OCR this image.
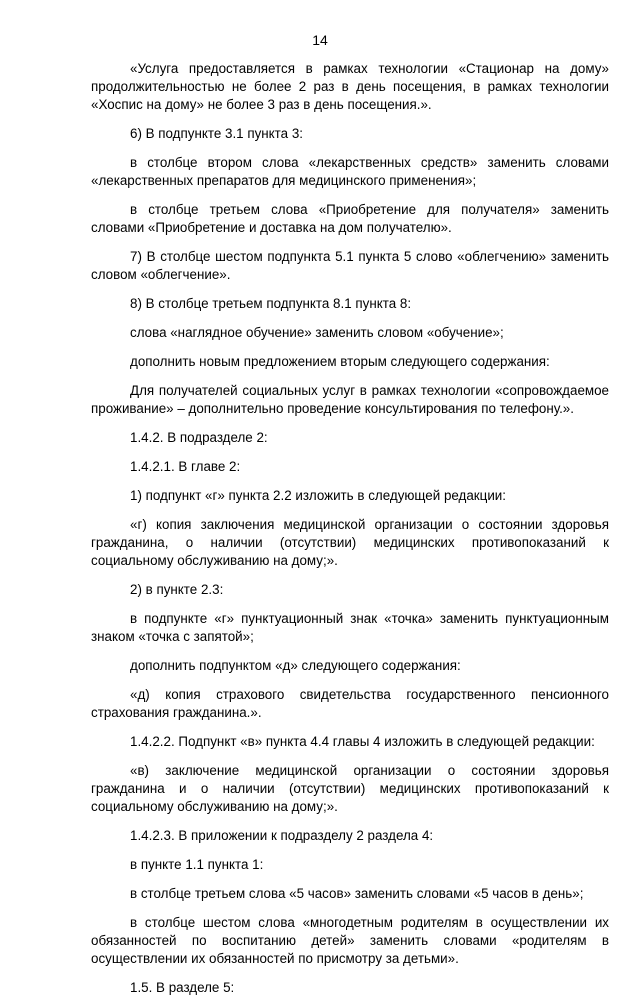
14

«Услуга предоставляется в рамках технологии «Стационар на дому» продолжительностью не более 2 раз в день посещения, в рамках технологии «Хоспис на дому» не более 3 раз в день посещения.».

6) В подпункте 3.1 пункта 3:

в столбце втором слова «лекарственных средств» заменить словами «лекарственных препаратов для медицинского применения»;

в столбце третьем слова «Приобретение для получателя» заменить словами «Приобретение и доставка на дом получателю».

7) В столбце шестом подпункта 5.1 пункта 5 слово «облегчению» заменить словом «облегчение».

8) В столбце третьем подпункта 8.1 пункта 8:

слова «наглядное обучение» заменить словом «обучение»;

дополнить новым предложением вторым следующего содержания:

Для получателей социальных услуг в рамках технологии «сопровождаемое проживание» – дополнительно проведение консультирования по телефону.».

1.4.2. В подразделе 2:

1.4.2.1. В главе 2:

1) подпункт «г» пункта 2.2 изложить в следующей редакции:

«г) копия заключения медицинской организации о состоянии здоровья гражданина, о наличии (отсутствии) медицинских противопоказаний к социальному обслуживанию на дому;».

2) в пункте 2.3:

в подпункте «г» пунктуационный знак «точка» заменить пунктуационным знаком «точка с запятой»;

дополнить подпунктом «д» следующего содержания:

«д) копия страхового свидетельства государственного пенсионного страхования гражданина.».

1.4.2.2. Подпункт «в» пункта 4.4 главы 4 изложить в следующей редакции:

«в) заключение медицинской организации о состоянии здоровья гражданина и о наличии (отсутствии) медицинских противопоказаний к социальному обслуживанию на дому;».

1.4.2.3. В приложении к подразделу 2 раздела 4:

в пункте 1.1 пункта 1:

в столбце третьем слова «5 часов» заменить словами «5 часов в день»;

в столбце шестом слова «многодетным родителям в осуществлении их обязанностей по воспитанию детей» заменить словами «родителям в осуществлении их обязанностей по присмотру за детьми».

1.5. В разделе 5:
